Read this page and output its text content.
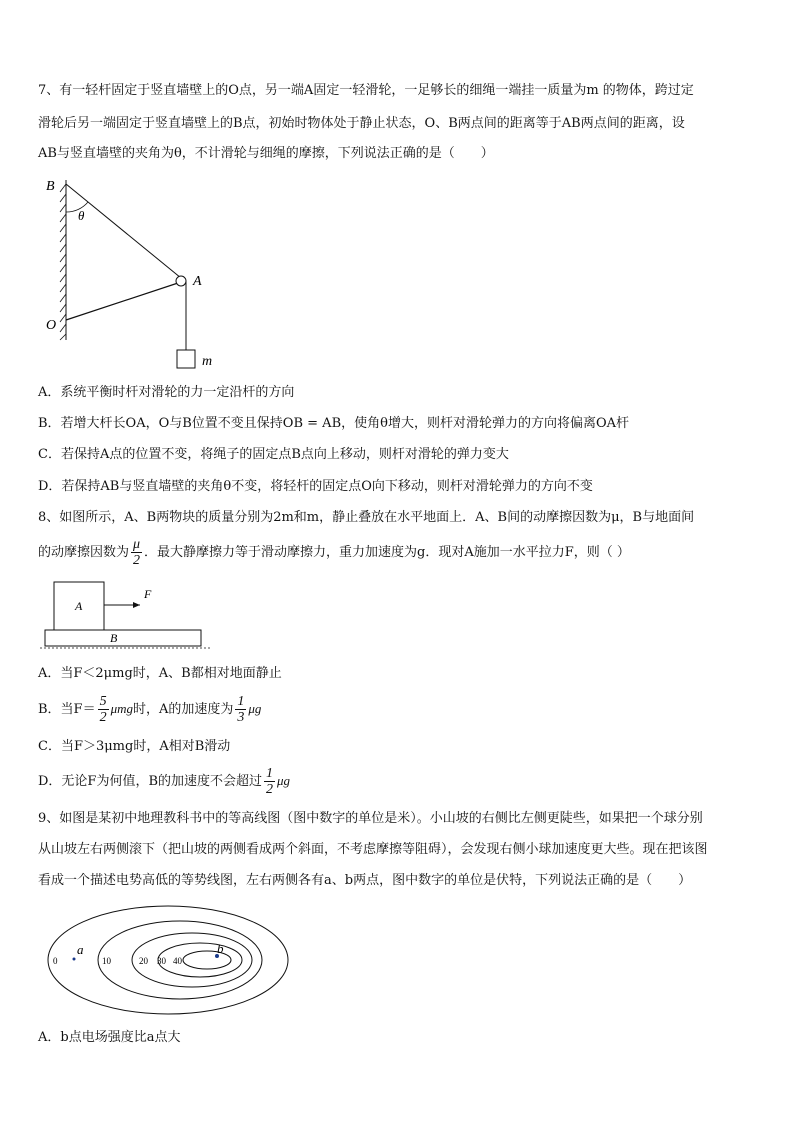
7、有一轻杆固定于竖直墙壁上的O点，另一端A固定一轻滑轮，一足够长的细绳一端挂一质量为m 的物体，跨过定
滑轮后另一端固定于竖直墙壁上的B点，初始时物体处于静止状态，O、B两点间的距离等于AB两点间的距离，设
AB与竖直墙壁的夹角为θ，不计滑轮与细绳的摩擦，下列说法正确的是（　　）
B
θ
A
O
m
A．系统平衡时杆对滑轮的力一定沿杆的方向
B．若增大杆长OA，O与B位置不变且保持OB = AB，使角θ增大，则杆对滑轮弹力的方向将偏离OA杆
C．若保持A点的位置不变，将绳子的固定点B点向上移动，则杆对滑轮的弹力变大
D．若保持AB与竖直墙壁的夹角θ不变，将轻杆的固定点O向下移动，则杆对滑轮弹力的方向不变
8、如图所示，A、B两物块的质量分别为2m和m，静止叠放在水平地面上．A、B间的动摩擦因数为μ，B与地面间
的动摩擦因数为 $\frac{\mu}{2}$ ．最大静摩擦力等于滑动摩擦力，重力加速度为g．现对A施加一水平拉力F，则（ ）
A
F
B
A．当F＜2μmg时，A、B都相对地面静止
B．当$F= \frac{5}{2}$ μmg时，A的加速度为 $\frac{1}{3}$ μg
C．当F＞3μmg时，A相对B滑动
D．无论F为何值，B的加速度不会超过 $\frac{1}{2}$ μg
9、如图是某初中地理教科书中的等高线图（图中数字的单位是米）。小山坡的右侧比左侧更陡些，如果把一个球分别
从山坡左右两侧滚下（把山坡的两侧看成两个斜面，不考虑摩擦等阻碍），会发现右侧小球加速度更大些。现在把该图
看成一个描述电势高低的等势线图，左右两侧各有a、b两点，图中数字的单位是伏特，下列说法正确的是（　　）
a	b
0	10	20 30 40
A．b点电场强度比a点大
